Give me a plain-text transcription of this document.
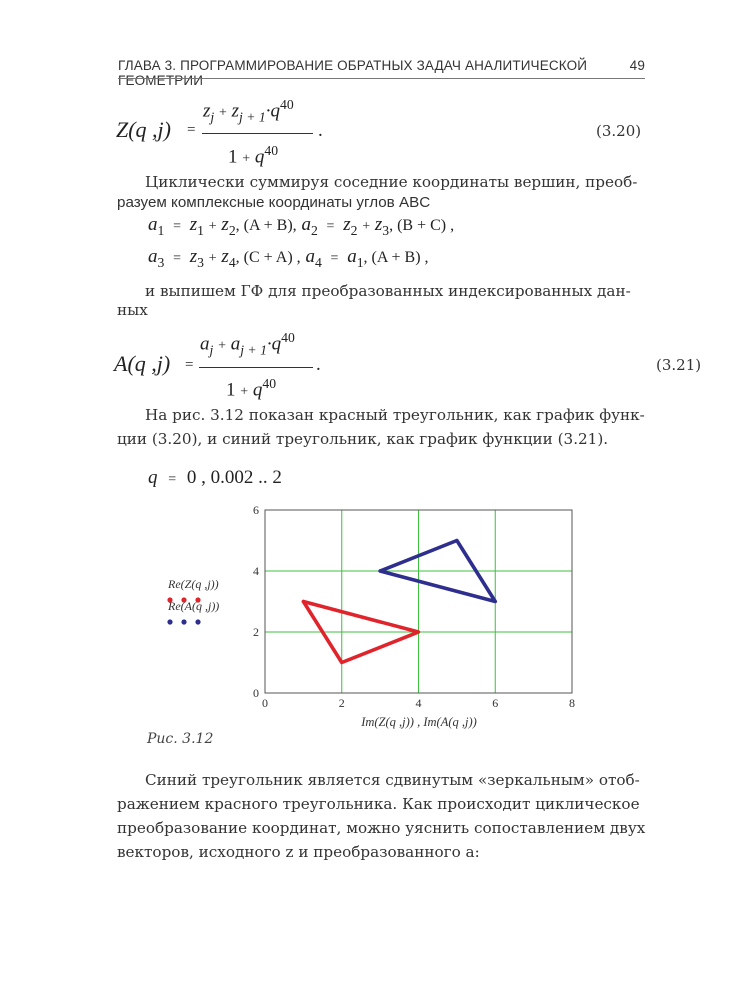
ГЛАВА 3. ПРОГРАММИРОВАНИЕ ОБРАТНЫХ ЗАДАЧ АНАЛИТИЧЕСКОЙ ГЕОМЕТРИИ
49
Z(q ,j) =
$z_j + z_{j + 1}\cdot q^{40}$
$1 + q^{40}$
.	(3.20)
Циклически суммируя соседние координаты вершин, преоб-
разуем комплексные координаты углов ABC
$a_1 = z_1 + z_2$, (A + B), $a_2 = z_2 + z_3$, (B + C) ,
$a_3 = z_3 + z_4$, (C + A) , $a_4 = a_1$, (A + B) ,
и выпишем ГФ для преобразованных индексированных дан-
ных
A(q ,j) =
$a_j + a_{j + 1}\cdot q^{40}$
$1 + q^{40}$
.	(3.21)
На рис. 3.12 показан красный треугольник, как график функ-
ции (3.20), и синий треугольник, как график функции (3.21).
q = 0 , 0.002 .. 2
0	2	4	6	8
0
2
4
6
Re(Z(q ,j))
Re(A(q ,j))
Im(Z(q ,j)) , Im(A(q ,j))
Рис. 3.12
Синий треугольник является сдвинутым «зеркальным» отоб-
ражением красного треугольника. Как происходит циклическое
преобразование координат, можно уяснить сопоставлением двух
векторов, исходного z и преобразованного a:
